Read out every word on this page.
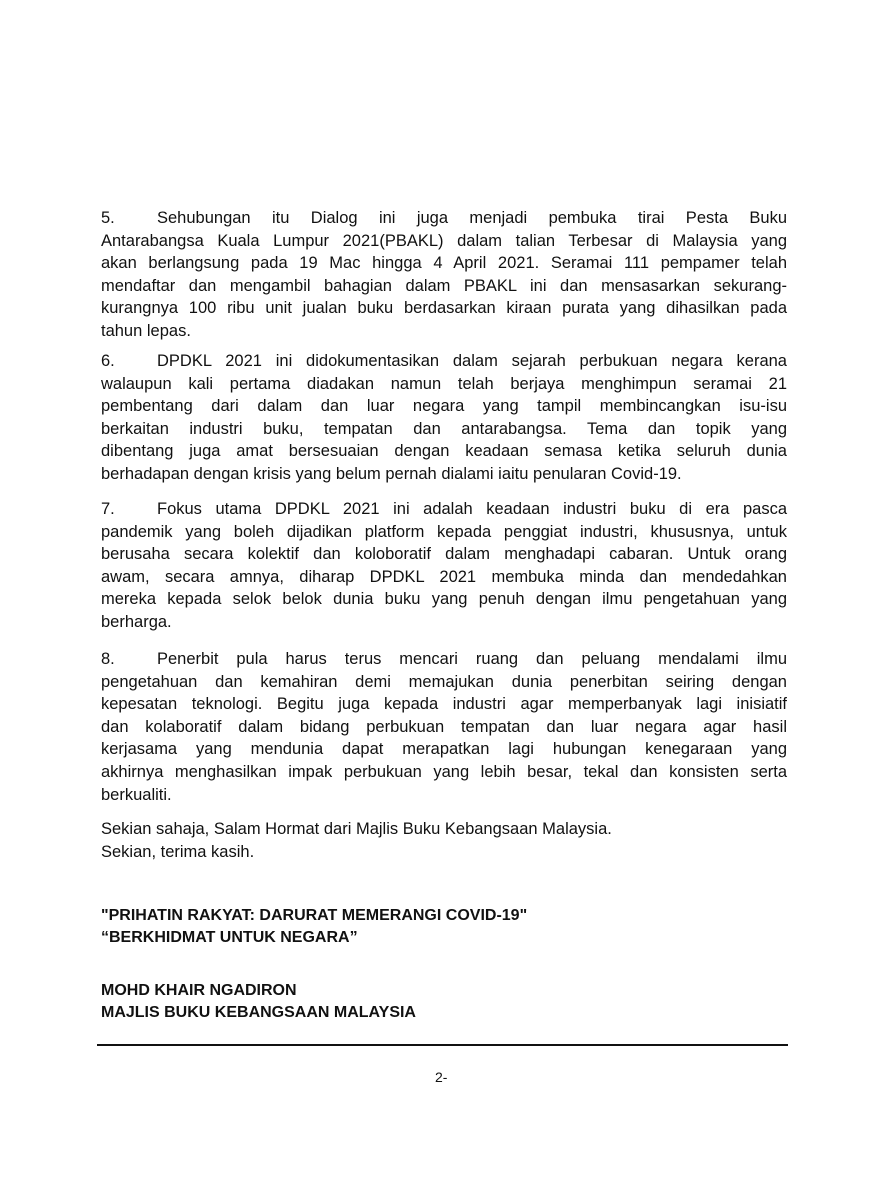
5.	Sehubungan itu Dialog ini juga menjadi pembuka tirai Pesta Buku
Antarabangsa Kuala Lumpur 2021(PBAKL) dalam talian Terbesar di Malaysia yang
akan berlangsung pada 19 Mac hingga 4 April 2021. Seramai 111 pempamer telah
mendaftar dan mengambil bahagian dalam PBAKL ini dan mensasarkan sekurang-
kurangnya 100 ribu unit jualan buku berdasarkan kiraan purata yang dihasilkan pada
tahun lepas.
6.	DPDKL 2021 ini didokumentasikan dalam sejarah perbukuan negara kerana
walaupun kali pertama diadakan namun telah berjaya menghimpun seramai 21
pembentang dari dalam dan luar negara yang tampil membincangkan isu-isu
berkaitan industri buku, tempatan dan antarabangsa. Tema dan topik yang
dibentang juga amat bersesuaian dengan keadaan semasa ketika seluruh dunia
berhadapan dengan krisis yang belum pernah dialami iaitu penularan Covid-19.
7.	Fokus utama DPDKL 2021 ini adalah keadaan industri buku di era pasca
pandemik yang boleh dijadikan platform kepada penggiat industri, khususnya, untuk
berusaha secara kolektif dan koloboratif dalam menghadapi cabaran. Untuk orang
awam, secara amnya, diharap DPDKL 2021 membuka minda dan mendedahkan
mereka kepada selok belok dunia buku yang penuh dengan ilmu pengetahuan yang
berharga.
8.	Penerbit pula harus terus mencari ruang dan peluang mendalami ilmu
pengetahuan dan kemahiran demi memajukan dunia penerbitan seiring dengan
kepesatan teknologi. Begitu juga kepada industri agar memperbanyak lagi inisiatif
dan kolaboratif dalam bidang perbukuan tempatan dan luar negara agar hasil
kerjasama yang mendunia dapat merapatkan lagi hubungan kenegaraan yang
akhirnya menghasilkan impak perbukuan yang lebih besar, tekal dan konsisten serta
berkualiti.
Sekian sahaja, Salam Hormat dari Majlis Buku Kebangsaan Malaysia.
Sekian, terima kasih.
"PRIHATIN RAKYAT: DARURAT MEMERANGI COVID-19"
“BERKHIDMAT UNTUK NEGARA”
MOHD KHAIR NGADIRON
MAJLIS BUKU KEBANGSAAN MALAYSIA
2-
